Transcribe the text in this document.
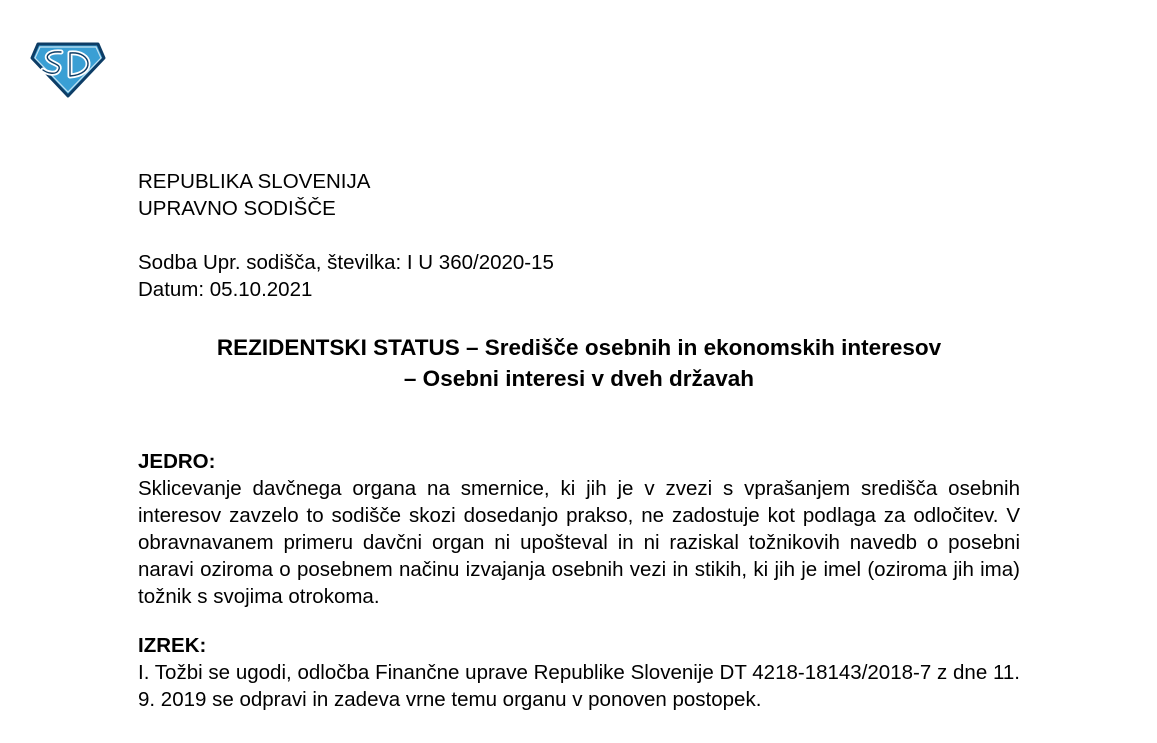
REPUBLIKA SLOVENIJA
UPRAVNO SODIŠČE
Sodba Upr. sodišča, številka: I U 360/2020-15
Datum: 05.10.2021
REZIDENTSKI STATUS – Središče osebnih in ekonomskih interesov
– Osebni interesi v dveh državah
JEDRO:
Sklicevanje davčnega organa na smernice, ki jih je v zvezi s vprašanjem središča osebnih interesov zavzelo to sodišče skozi dosedanjo prakso, ne zadostuje kot podlaga za odločitev. V obravnavanem primeru davčni organ ni upošteval in ni raziskal tožnikovih navedb o posebni naravi oziroma o posebnem načinu izvajanja osebnih vezi in stikih, ki jih je imel (oziroma jih ima) tožnik s svojima otrokoma.
IZREK:
I. Tožbi se ugodi, odločba Finančne uprave Republike Slovenije DT 4218-18143/2018-7 z dne 11. 9. 2019 se odpravi in zadeva vrne temu organu v ponoven postopek.
